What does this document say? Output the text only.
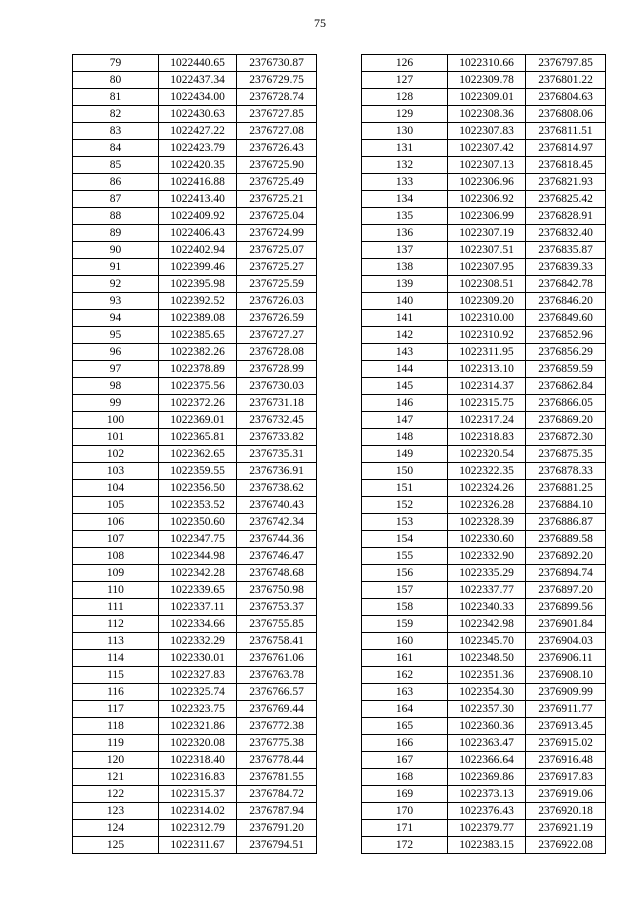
75
79	1022440.65	2376730.87
80	1022437.34	2376729.75
81	1022434.00	2376728.74
82	1022430.63	2376727.85
83	1022427.22	2376727.08
84	1022423.79	2376726.43
85	1022420.35	2376725.90
86	1022416.88	2376725.49
87	1022413.40	2376725.21
88	1022409.92	2376725.04
89	1022406.43	2376724.99
90	1022402.94	2376725.07
91	1022399.46	2376725.27
92	1022395.98	2376725.59
93	1022392.52	2376726.03
94	1022389.08	2376726.59
95	1022385.65	2376727.27
96	1022382.26	2376728.08
97	1022378.89	2376728.99
98	1022375.56	2376730.03
99	1022372.26	2376731.18
100	1022369.01	2376732.45
101	1022365.81	2376733.82
102	1022362.65	2376735.31
103	1022359.55	2376736.91
104	1022356.50	2376738.62
105	1022353.52	2376740.43
106	1022350.60	2376742.34
107	1022347.75	2376744.36
108	1022344.98	2376746.47
109	1022342.28	2376748.68
110	1022339.65	2376750.98
111	1022337.11	2376753.37
112	1022334.66	2376755.85
113	1022332.29	2376758.41
114	1022330.01	2376761.06
115	1022327.83	2376763.78
116	1022325.74	2376766.57
117	1022323.75	2376769.44
118	1022321.86	2376772.38
119	1022320.08	2376775.38
120	1022318.40	2376778.44
121	1022316.83	2376781.55
122	1022315.37	2376784.72
123	1022314.02	2376787.94
124	1022312.79	2376791.20
125	1022311.67	2376794.51
126	1022310.66	2376797.85
127	1022309.78	2376801.22
128	1022309.01	2376804.63
129	1022308.36	2376808.06
130	1022307.83	2376811.51
131	1022307.42	2376814.97
132	1022307.13	2376818.45
133	1022306.96	2376821.93
134	1022306.92	2376825.42
135	1022306.99	2376828.91
136	1022307.19	2376832.40
137	1022307.51	2376835.87
138	1022307.95	2376839.33
139	1022308.51	2376842.78
140	1022309.20	2376846.20
141	1022310.00	2376849.60
142	1022310.92	2376852.96
143	1022311.95	2376856.29
144	1022313.10	2376859.59
145	1022314.37	2376862.84
146	1022315.75	2376866.05
147	1022317.24	2376869.20
148	1022318.83	2376872.30
149	1022320.54	2376875.35
150	1022322.35	2376878.33
151	1022324.26	2376881.25
152	1022326.28	2376884.10
153	1022328.39	2376886.87
154	1022330.60	2376889.58
155	1022332.90	2376892.20
156	1022335.29	2376894.74
157	1022337.77	2376897.20
158	1022340.33	2376899.56
159	1022342.98	2376901.84
160	1022345.70	2376904.03
161	1022348.50	2376906.11
162	1022351.36	2376908.10
163	1022354.30	2376909.99
164	1022357.30	2376911.77
165	1022360.36	2376913.45
166	1022363.47	2376915.02
167	1022366.64	2376916.48
168	1022369.86	2376917.83
169	1022373.13	2376919.06
170	1022376.43	2376920.18
171	1022379.77	2376921.19
172	1022383.15	2376922.08
